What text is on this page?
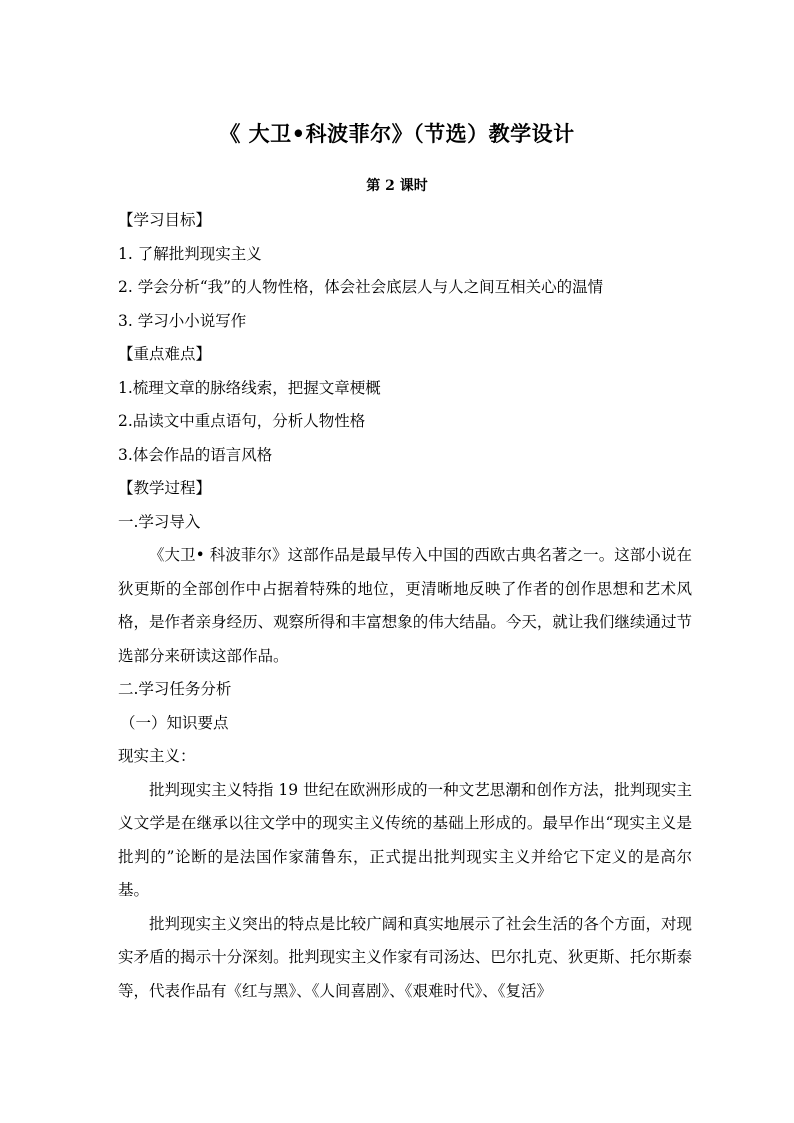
《 大卫•科波菲尔》（节选）教学设计
第 2 课时
【学习目标】
1. 了解批判现实主义
2. 学会分析“我”的人物性格，体会社会底层人与人之间互相关心的温情
3. 学习小小说写作
【重点难点】
1.梳理文章的脉络线索，把握文章梗概
2.品读文中重点语句，分析人物性格
3.体会作品的语言风格
【教学过程】
一.学习导入

《大卫• 科波菲尔》这部作品是最早传入中国的西欧古典名著之一。这部小说在狄更斯的全部创作中占据着特殊的地位，更清晰地反映了作者的创作思想和艺术风格，是作者亲身经历、观察所得和丰富想象的伟大结晶。今天，就让我们继续通过节选部分来研读这部作品。

二.学习任务分析
（一）知识要点
现实主义：

批判现实主义特指 19 世纪在欧洲形成的一种文艺思潮和创作方法，批判现实主义文学是在继承以往文学中的现实主义传统的基础上形成的。最早作出“现实主义是批判的”论断的是法国作家蒲鲁东，正式提出批判现实主义并给它下定义的是高尔基。

批判现实主义突出的特点是比较广阔和真实地展示了社会生活的各个方面，对现实矛盾的揭示十分深刻。批判现实主义作家有司汤达、巴尔扎克、狄更斯、托尔斯泰等，代表作品有《红与黑》、《人间喜剧》、《艰难时代》、《复活》
